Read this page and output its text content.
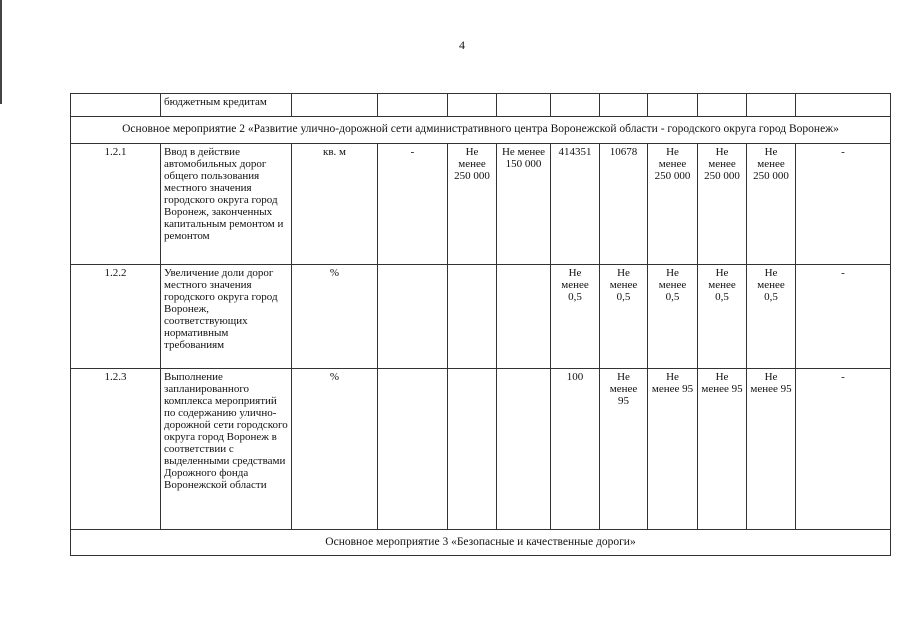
4
	бюджетным кредитам										
Основное мероприятие 2 «Развитие улично-дорожной сети административного центра Воронежской области - городского округа город Воронеж»											
1.2.1	Ввод в действие автомобильных дорог общего пользования местного значения городского округа город Воронеж, законченных капитальным ремонтом и ремонтом	кв. м	-	Не менее 250 000	Не менее 150 000	414351	10678	Не менее 250 000	Не менее 250 000	Не менее 250 000	-
1.2.2	Увеличение доли дорог местного значения городского округа город Воронеж, соответствующих нормативным требованиям	%				Не менее 0,5	Не менее 0,5	Не менее 0,5	Не менее 0,5	Не менее 0,5	-
1.2.3	Выполнение запланированного комплекса мероприятий по содержанию улично-дорожной сети городского округа город Воронеж в соответствии с выделенными средствами Дорожного фонда Воронежской области	%				100	Не менее 95	Не менее 95	Не менее 95	Не менее 95	-
Основное мероприятие 3 «Безопасные и качественные дороги»											
